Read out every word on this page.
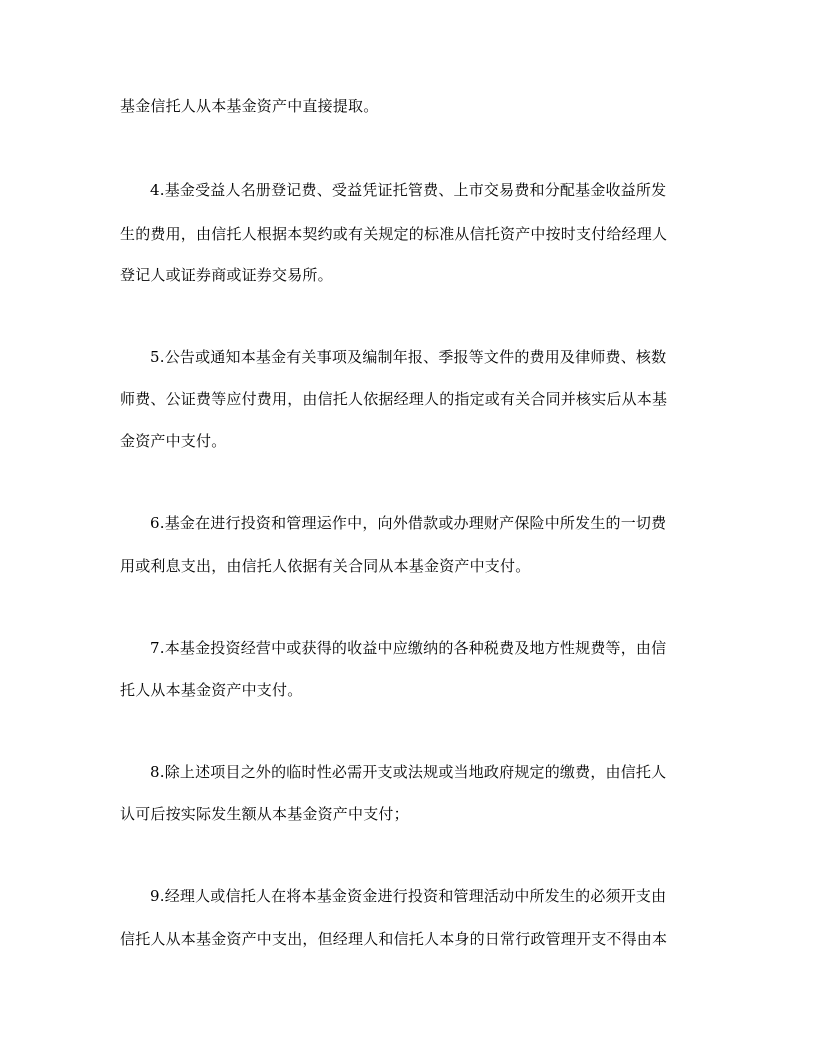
基金信托人从本基金资产中直接提取。
4.基金受益人名册登记费、受益凭证托管费、上市交易费和分配基金收益所发
生的费用，由信托人根据本契约或有关规定的标准从信托资产中按时支付给经理人
登记人或证券商或证券交易所。
5.公告或通知本基金有关事项及编制年报、季报等文件的费用及律师费、核数
师费、公证费等应付费用，由信托人依据经理人的指定或有关合同并核实后从本基
金资产中支付。
6.基金在进行投资和管理运作中，向外借款或办理财产保险中所发生的一切费
用或利息支出，由信托人依据有关合同从本基金资产中支付。
7.本基金投资经营中或获得的收益中应缴纳的各种税费及地方性规费等，由信
托人从本基金资产中支付。
8.除上述项目之外的临时性必需开支或法规或当地政府规定的缴费，由信托人
认可后按实际发生额从本基金资产中支付；
9.经理人或信托人在将本基金资金进行投资和管理活动中所发生的必须开支由
信托人从本基金资产中支出，但经理人和信托人本身的日常行政管理开支不得由本
